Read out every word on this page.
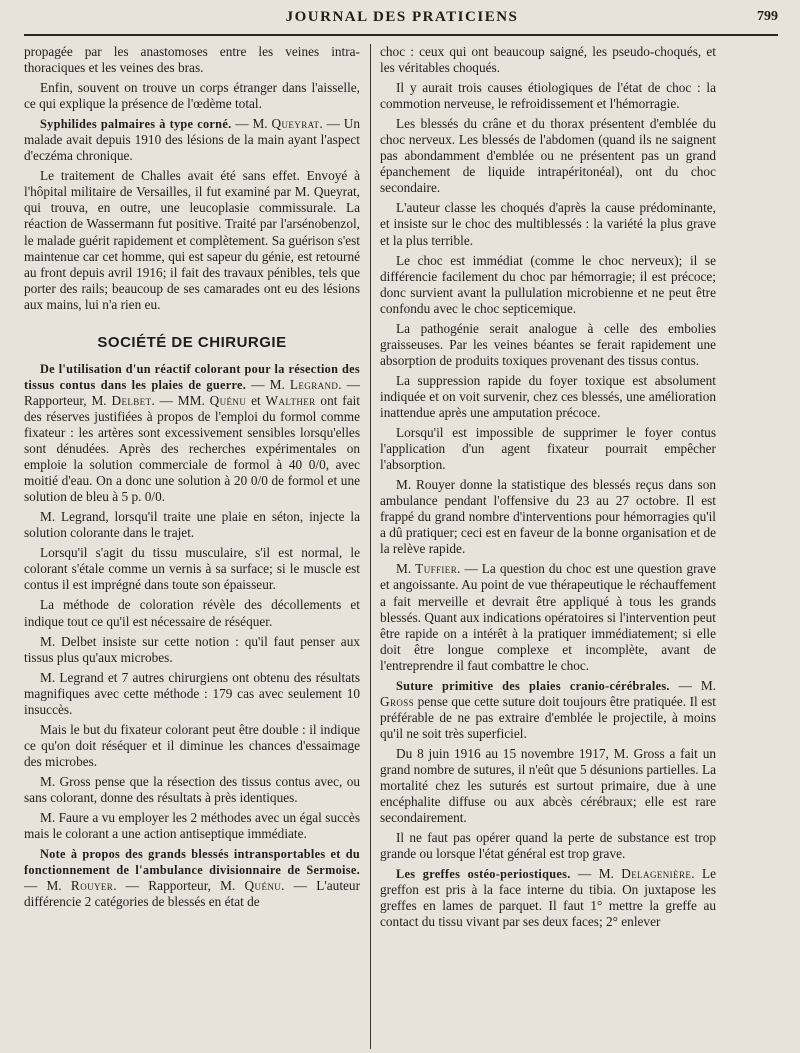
JOURNAL DES PRATICIENS	799

propagée par les anastomoses entre les veines intra-thoraciques et les veines des bras.

Enfin, souvent on trouve un corps étranger dans l'aisselle, ce qui explique la présence de l'œdème total.

Syphilides palmaires à type corné. — M. Queyrat. — Un malade avait depuis 1910 des lésions de la main ayant l'aspect d'eczéma chronique.

Le traitement de Challes avait été sans effet. Envoyé à l'hôpital militaire de Versailles, il fut examiné par M. Queyrat, qui trouva, en outre, une leucoplasie commissurale. La réaction de Wassermann fut positive. Traité par l'arsénobenzol, le malade guérit rapidement et complètement. Sa guérison s'est maintenue car cet homme, qui est sapeur du génie, est retourné au front depuis avril 1916; il fait des travaux pénibles, tels que porter des rails; beaucoup de ses camarades ont eu des lésions aux mains, lui n'a rien eu.

SOCIÉTÉ DE CHIRURGIE

De l'utilisation d'un réactif colorant pour la résection des tissus contus dans les plaies de guerre. — M. Legrand. — Rapporteur, M. Delbet. — MM. Quénu et Walther ont fait des réserves justifiées à propos de l'emploi du formol comme fixateur : les artères sont excessivement sensibles lorsqu'elles sont dénudées. Après des recherches expérimentales on emploie la solution commerciale de formol à 40 0/0, avec moitié d'eau. On a donc une solution à 20 0/0 de formol et une solution de bleu à 5 p. 0/0.

M. Legrand, lorsqu'il traite une plaie en séton, injecte la solution colorante dans le trajet.

Lorsqu'il s'agit du tissu musculaire, s'il est normal, le colorant s'étale comme un vernis à sa surface; si le muscle est contus il est imprégné dans toute son épaisseur.

La méthode de coloration révèle des décollements et indique tout ce qu'il est nécessaire de réséquer.

M. Delbet insiste sur cette notion : qu'il faut penser aux tissus plus qu'aux microbes.

M. Legrand et 7 autres chirurgiens ont obtenu des résultats magnifiques avec cette méthode : 179 cas avec seulement 10 insuccès.

Mais le but du fixateur colorant peut être double : il indique ce qu'on doit réséquer et il diminue les chances d'essaimage des microbes.

M. Gross pense que la résection des tissus contus avec, ou sans colorant, donne des résultats à près identiques.

M. Faure a vu employer les 2 méthodes avec un égal succès mais le colorant a une action antiseptique immédiate.

Note à propos des grands blessés intransportables et du fonctionnement de l'ambulance divisionnaire de Sermoise. — M. Rouyer. — Rapporteur, M. Quénu. — L'auteur différencie 2 catégories de blessés en état de

choc : ceux qui ont beaucoup saigné, les pseudo-choqués, et les véritables choqués.

Il y aurait trois causes étiologiques de l'état de choc : la commotion nerveuse, le refroidissement et l'hémorragie.

Les blessés du crâne et du thorax présentent d'emblée du choc nerveux. Les blessés de l'abdomen (quand ils ne saignent pas abondamment d'emblée ou ne présentent pas un grand épanchement de liquide intrapéritonéal), ont du choc secondaire.

L'auteur classe les choqués d'après la cause prédominante, et insiste sur le choc des multiblessés : la variété la plus grave et la plus terrible.

Le choc est immédiat (comme le choc nerveux); il se différencie facilement du choc par hémorragie; il est précoce; donc survient avant la pullulation microbienne et ne peut être confondu avec le choc septicemique.

La pathogénie serait analogue à celle des embolies graisseuses. Par les veines béantes se ferait rapidement une absorption de produits toxiques provenant des tissus contus.

La suppression rapide du foyer toxique est absolument indiquée et on voit survenir, chez ces blessés, une amélioration inattendue après une amputation précoce.

Lorsqu'il est impossible de supprimer le foyer contus l'application d'un agent fixateur pourrait empêcher l'absorption.

M. Rouyer donne la statistique des blessés reçus dans son ambulance pendant l'offensive du 23 au 27 octobre. Il est frappé du grand nombre d'interventions pour hémorragies qu'il a dû pratiquer; ceci est en faveur de la bonne organisation et de la relève rapide.

M. Tuffier. — La question du choc est une question grave et angoissante. Au point de vue thérapeutique le réchauffement a fait merveille et devrait être appliqué à tous les grands blessés. Quant aux indications opératoires si l'intervention peut être rapide on a intérêt à la pratiquer immédiatement; si elle doit être longue complexe et incomplète, avant de l'entreprendre il faut combattre le choc.

Suture primitive des plaies cranio-cérébrales. — M. Gross pense que cette suture doit toujours être pratiquée. Il est préférable de ne pas extraire d'emblée le projectile, à moins qu'il ne soit très superficiel.

Du 8 juin 1916 au 15 novembre 1917, M. Gross a fait un grand nombre de sutures, il n'eût que 5 désunions partielles. La mortalité chez les suturés est surtout primaire, due à une encéphalite diffuse ou aux abcès cérébraux; elle est rare secondairement.

Il ne faut pas opérer quand la perte de substance est trop grande ou lorsque l'état général est trop grave.

Les greffes ostéo-periostiques. — M. Delagenière. Le greffon est pris à la face interne du tibia. On juxtapose les greffes en lames de parquet. Il faut 1° mettre la greffe au contact du tissu vivant par ses deux faces; 2° enlever
